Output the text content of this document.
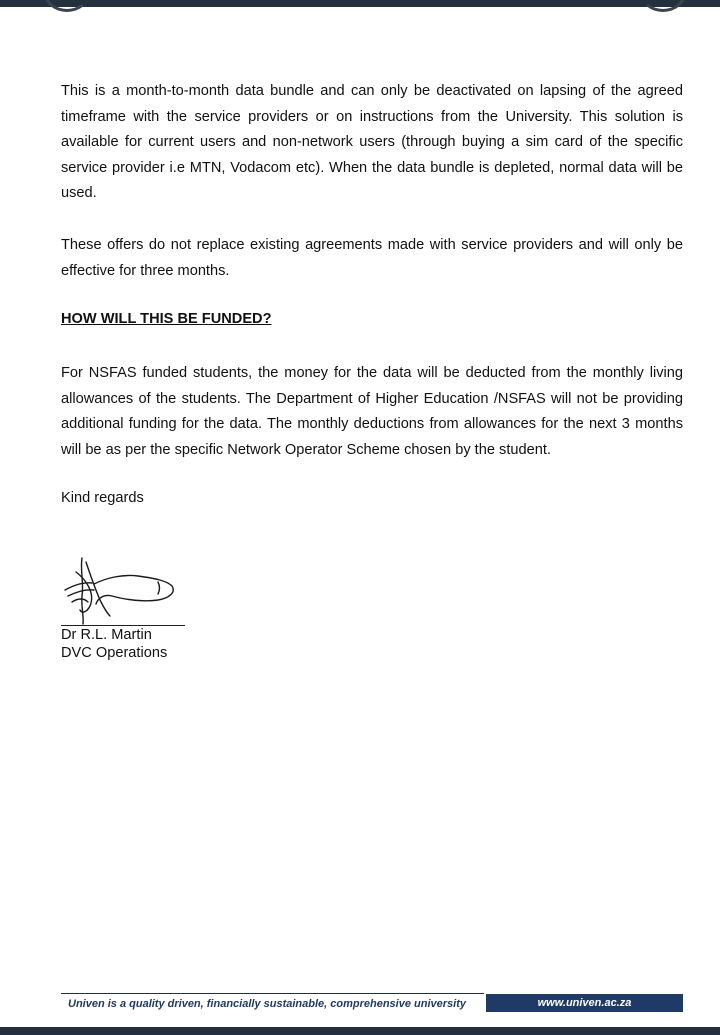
This is a month-to-month data bundle and can only be deactivated on lapsing of the agreed timeframe with the service providers or on instructions from the University. This solution is available for current users and non-network users (through buying a sim card of the specific service provider i.e MTN, Vodacom etc). When the data bundle is depleted, normal data will be used.

These offers do not replace existing agreements made with service providers and will only be effective for three months.

HOW WILL THIS BE FUNDED?

For NSFAS funded students, the money for the data will be deducted from the monthly living allowances of the students. The Department of Higher Education /NSFAS will not be providing additional funding for the data. The monthly deductions from allowances for the next 3 months will be as per the specific Network Operator Scheme chosen by the student.

Kind regards

Dr R.L. Martin
DVC Operations
Univen is a quality driven, financially sustainable, comprehensive university	www.univen.ac.za
